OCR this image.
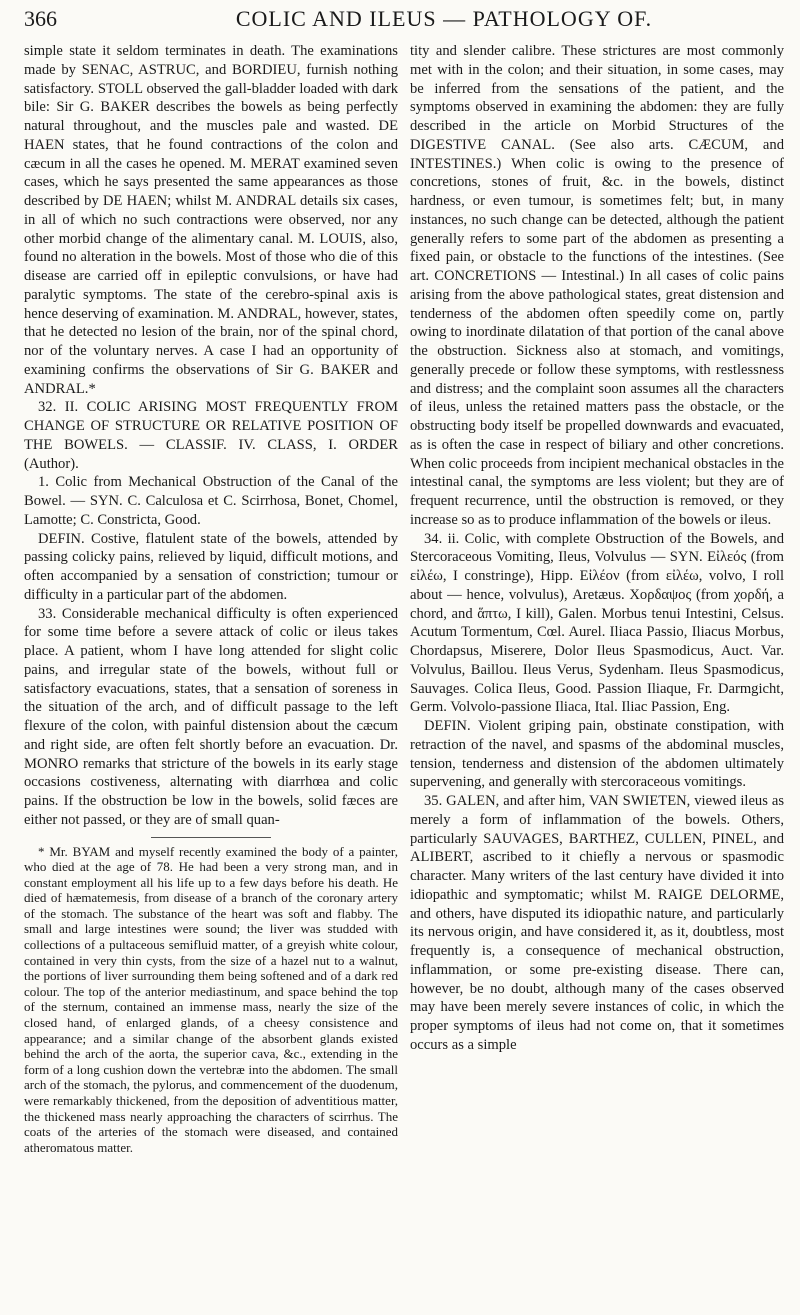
366	COLIC AND ILEUS — PATHOLOGY OF.

simple state it seldom terminates in death. The examinations made by SENAC, ASTRUC, and BORDIEU, furnish nothing satisfactory. STOLL observed the gall-bladder loaded with dark bile: Sir G. BAKER describes the bowels as being perfectly natural throughout, and the muscles pale and wasted. DE HAEN states, that he found contractions of the colon and cæcum in all the cases he opened. M. MERAT examined seven cases, which he says presented the same appearances as those described by DE HAEN; whilst M. ANDRAL details six cases, in all of which no such contractions were observed, nor any other morbid change of the alimentary canal. M. LOUIS, also, found no alteration in the bowels. Most of those who die of this disease are carried off in epileptic convulsions, or have had paralytic symptoms. The state of the cerebro-spinal axis is hence deserving of examination. M. ANDRAL, however, states, that he detected no lesion of the brain, nor of the spinal chord, nor of the voluntary nerves. A case I had an opportunity of examining confirms the observations of Sir G. BAKER and ANDRAL.*

32. II. COLIC ARISING MOST FREQUENTLY FROM CHANGE OF STRUCTURE OR RELATIVE POSITION OF THE BOWELS. — CLASSIF. IV. CLASS, I. ORDER (Author).

1. Colic from Mechanical Obstruction of the Canal of the Bowel. — SYN. C. Calculosa et C. Scirrhosa, Bonet, Chomel, Lamotte; C. Constricta, Good.

DEFIN. Costive, flatulent state of the bowels, attended by passing colicky pains, relieved by liquid, difficult motions, and often accompanied by a sensation of constriction; tumour or difficulty in a particular part of the abdomen.

33. Considerable mechanical difficulty is often experienced for some time before a severe attack of colic or ileus takes place. A patient, whom I have long attended for slight colic pains, and irregular state of the bowels, without full or satisfactory evacuations, states, that a sensation of soreness in the situation of the arch, and of difficult passage to the left flexure of the colon, with painful distension about the cæcum and right side, are often felt shortly before an evacuation. Dr. MONRO remarks that stricture of the bowels in its early stage occasions costiveness, alternating with diarrhœa and colic pains. If the obstruction be low in the bowels, solid fæces are either not passed, or they are of small quan-

* Mr. BYAM and myself recently examined the body of a painter, who died at the age of 78. He had been a very strong man, and in constant employment all his life up to a few days before his death. He died of hæmatemesis, from disease of a branch of the coronary artery of the stomach. The substance of the heart was soft and flabby. The small and large intestines were sound; the liver was studded with collections of a pultaceous semifluid matter, of a greyish white colour, contained in very thin cysts, from the size of a hazel nut to a walnut, the portions of liver surrounding them being softened and of a dark red colour. The top of the anterior mediastinum, and space behind the top of the sternum, contained an immense mass, nearly the size of the closed hand, of enlarged glands, of a cheesy consistence and appearance; and a similar change of the absorbent glands existed behind the arch of the aorta, the superior cava, &c., extending in the form of a long cushion down the vertebræ into the abdomen. The small arch of the stomach, the pylorus, and commencement of the duodenum, were remarkably thickened, from the deposition of adventitious matter, the thickened mass nearly approaching the characters of scirrhus. The coats of the arteries of the stomach were diseased, and contained atheromatous matter.

tity and slender calibre. These strictures are most commonly met with in the colon; and their situation, in some cases, may be inferred from the sensations of the patient, and the symptoms observed in examining the abdomen: they are fully described in the article on Morbid Structures of the DIGESTIVE CANAL. (See also arts. CÆCUM, and INTESTINES.) When colic is owing to the presence of concretions, stones of fruit, &c. in the bowels, distinct hardness, or even tumour, is sometimes felt; but, in many instances, no such change can be detected, although the patient generally refers to some part of the abdomen as presenting a fixed pain, or obstacle to the functions of the intestines. (See art. CONCRETIONS — Intestinal.) In all cases of colic pains arising from the above pathological states, great distension and tenderness of the abdomen often speedily come on, partly owing to inordinate dilatation of that portion of the canal above the obstruction. Sickness also at stomach, and vomitings, generally precede or follow these symptoms, with restlessness and distress; and the complaint soon assumes all the characters of ileus, unless the retained matters pass the obstacle, or the obstructing body itself be propelled downwards and evacuated, as is often the case in respect of biliary and other concretions. When colic proceeds from incipient mechanical obstacles in the intestinal canal, the symptoms are less violent; but they are of frequent recurrence, until the obstruction is removed, or they increase so as to produce inflammation of the bowels or ileus.

34. ii. Colic, with complete Obstruction of the Bowels, and Stercoraceous Vomiting, Ileus, Volvulus — SYN. Εἰλεός (from εἰλέω, I constringe), Hipp. Εἰλέον (from εἰλέω, volvo, I roll about — hence, volvulus), Aretæus. Χορδαψος (from χορδή, a chord, and ἅπτω, I kill), Galen. Morbus tenui Intestini, Celsus. Acutum Tormentum, Cœl. Aurel. Iliaca Passio, Iliacus Morbus, Chordapsus, Miserere, Dolor Ileus Spasmodicus, Auct. Var. Volvulus, Baillou. Ileus Verus, Sydenham. Ileus Spasmodicus, Sauvages. Colica Ileus, Good. Passion Iliaque, Fr. Darmgicht, Germ. Volvolo-passione Iliaca, Ital. Iliac Passion, Eng.

DEFIN. Violent griping pain, obstinate constipation, with retraction of the navel, and spasms of the abdominal muscles, tension, tenderness and distension of the abdomen ultimately supervening, and generally with stercoraceous vomitings.

35. GALEN, and after him, VAN SWIETEN, viewed ileus as merely a form of inflammation of the bowels. Others, particularly SAUVAGES, BARTHEZ, CULLEN, PINEL, and ALIBERT, ascribed to it chiefly a nervous or spasmodic character. Many writers of the last century have divided it into idiopathic and symptomatic; whilst M. RAIGE DELORME, and others, have disputed its idiopathic nature, and particularly its nervous origin, and have considered it, as it, doubtless, most frequently is, a consequence of mechanical obstruction, inflammation, or some pre-existing disease. There can, however, be no doubt, although many of the cases observed may have been merely severe instances of colic, in which the proper symptoms of ileus had not come on, that it sometimes occurs as a simple
